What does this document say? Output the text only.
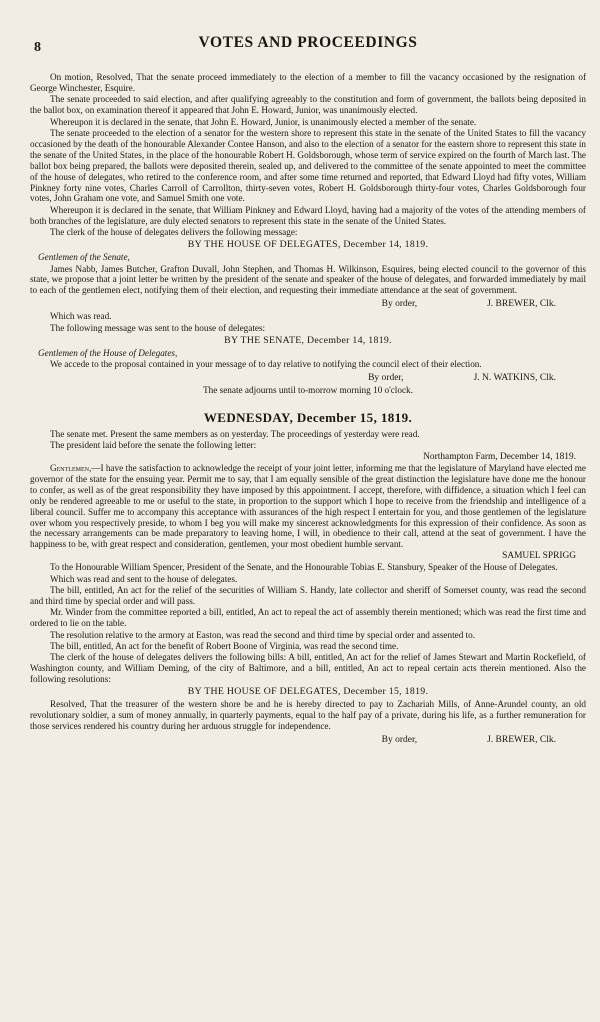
8	VOTES AND PROCEEDINGS

On motion, Resolved, That the senate proceed immediately to the election of a member to fill the vacancy occasioned by the resignation of George Winchester, Esquire.

The senate proceeded to said election, and after qualifying agreeably to the constitution and form of government, the ballots being deposited in the ballot box, on examination thereof it appeared that John E. Howard, Junior, was unanimously elected.

Whereupon it is declared in the senate, that John E. Howard, Junior, is unanimously elected a member of the senate.

The senate proceeded to the election of a senator for the western shore to represent this state in the senate of the United States to fill the vacancy occasioned by the death of the honourable Alexander Contee Hanson, and also to the election of a senator for the eastern shore to represent this state in the senate of the United States, in the place of the honourable Robert H. Goldsborough, whose term of service expired on the fourth of March last. The ballot box being prepared, the ballots were deposited therein, sealed up, and delivered to the committee of the senate appointed to meet the committee of the house of delegates, who retired to the conference room, and after some time returned and reported, that Edward Lloyd had fifty votes, William Pinkney forty nine votes, Charles Carroll of Carrollton, thirty-seven votes, Robert H. Goldsborough thirty-four votes, Charles Goldsborough four votes, John Graham one vote, and Samuel Smith one vote.

Whereupon it is declared in the senate, that William Pinkney and Edward Lloyd, having had a majority of the votes of the attending members of both branches of the legislature, are duly elected senators to represent this state in the senate of the United States.

The clerk of the house of delegates delivers the following message:

BY THE HOUSE OF DELEGATES, December 14, 1819.

Gentlemen of the Senate,

James Nabb, James Butcher, Grafton Duvall, John Stephen, and Thomas H. Wilkinson, Esquires, being elected council to the governor of this state, we propose that a joint letter be written by the president of the senate and speaker of the house of delegates, and forwarded immediately by mail to each of the gentlemen elect, notifying them of their election, and requesting their immediate attendance at the seat of government.

By order,	J. BREWER, Clk.

Which was read.

The following message was sent to the house of delegates:

BY THE SENATE, December 14, 1819.

Gentlemen of the House of Delegates,

We accede to the proposal contained in your message of to day relative to notifying the council elect of their election.

By order,	J. N. WATKINS, Clk.

The senate adjourns until to-morrow morning 10 o'clock.

WEDNESDAY, December 15, 1819.

The senate met. Present the same members as on yesterday. The proceedings of yesterday were read.

The president laid before the senate the following letter:

Northampton Farm, December 14, 1819.

Gentlemen,—I have the satisfaction to acknowledge the receipt of your joint letter, informing me that the legislature of Maryland have elected me governor of the state for the ensuing year. Permit me to say, that I am equally sensible of the great distinction the legislature have done me the honour to confer, as well as of the great responsibility they have imposed by this appointment. I accept, therefore, with diffidence, a situation which I feel can only be rendered agreeable to me or useful to the state, in proportion to the support which I hope to receive from the friendship and intelligence of a liberal council. Suffer me to accompany this acceptance with assurances of the high respect I entertain for you, and those gentlemen of the legislature over whom you respectively preside, to whom I beg you will make my sincerest acknowledgments for this expression of their confidence. As soon as the necessary arrangements can be made preparatory to leaving home, I will, in obedience to their call, attend at the seat of government. I have the happiness to be, with great respect and consideration, gentlemen, your most obedient humble servant.

SAMUEL SPRIGG

To the Honourable William Spencer, President of the Senate, and the Honourable Tobias E. Stansbury, Speaker of the House of Delegates.

Which was read and sent to the house of delegates.

The bill, entitled, An act for the relief of the securities of William S. Handy, late collector and sheriff of Somerset county, was read the second and third time by special order and will pass.

Mr. Winder from the committee reported a bill, entitled, An act to repeal the act of assembly therein mentioned; which was read the first time and ordered to lie on the table.

The resolution relative to the armory at Easton, was read the second and third time by special order and assented to.

The bill, entitled, An act for the benefit of Robert Boone of Virginia, was read the second time.

The clerk of the house of delegates delivers the following bills: A bill, entitled, An act for the relief of James Stewart and Martin Rockefield, of Washington county, and William Deming, of the city of Baltimore, and a bill, entitled, An act to repeal certain acts therein mentioned. Also the following resolutions:

BY THE HOUSE OF DELEGATES, December 15, 1819.

Resolved, That the treasurer of the western shore be and he is hereby directed to pay to Zachariah Mills, of Anne-Arundel county, an old revolutionary soldier, a sum of money annually, in quarterly payments, equal to the half pay of a private, during his life, as a further remuneration for those services rendered his country during her arduous struggle for independence.

By order,	J. BREWER, Clk.
